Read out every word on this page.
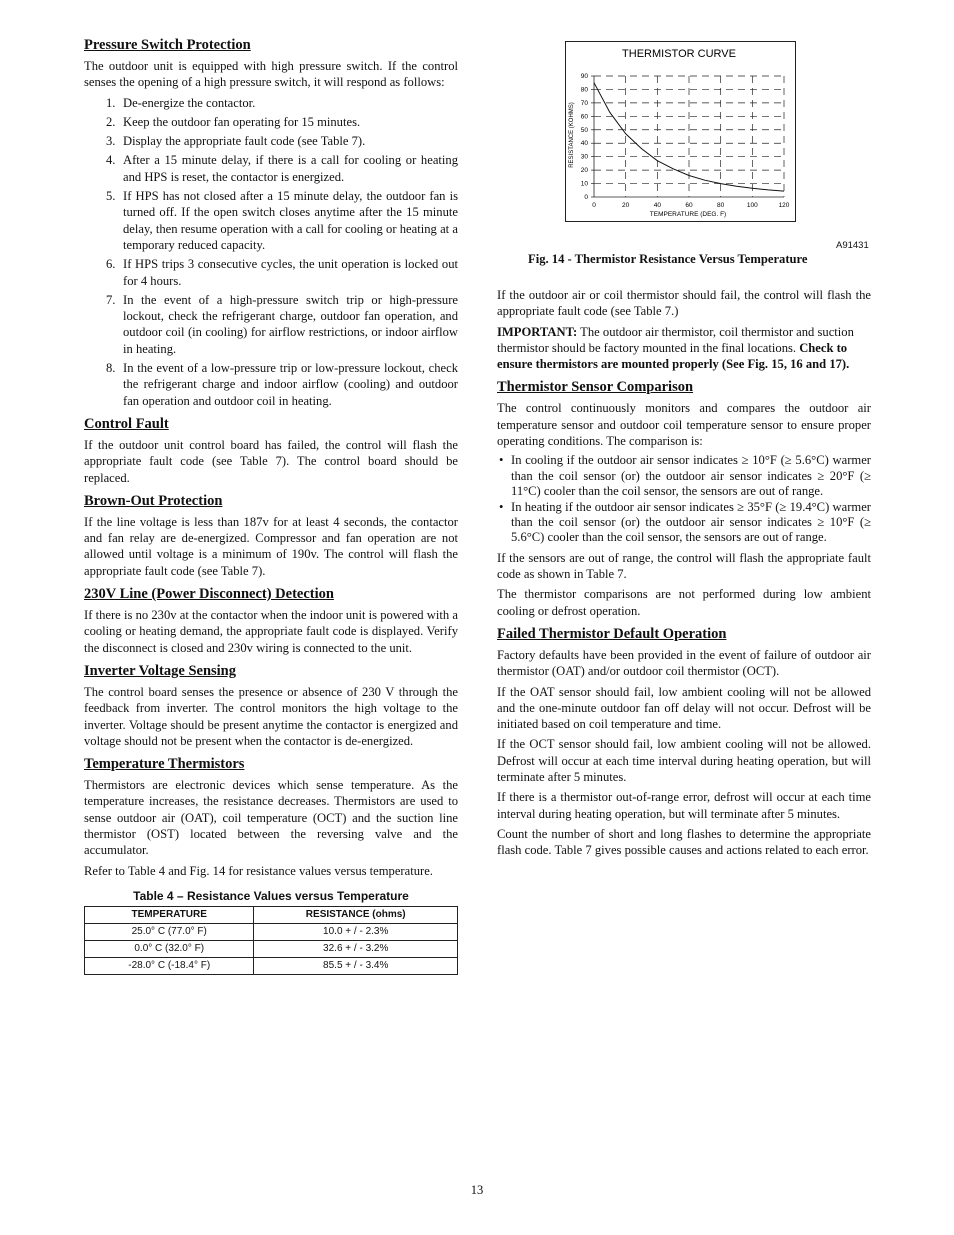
Pressure Switch Protection

The outdoor unit is equipped with high pressure switch. If the control senses the opening of a high pressure switch, it will respond as follows:

1. De-energize the contactor.
2. Keep the outdoor fan operating for 15 minutes.
3. Display the appropriate fault code (see Table 7).
4. After a 15 minute delay, if there is a call for cooling or heating and HPS is reset, the contactor is energized.
5. If HPS has not closed after a 15 minute delay, the outdoor fan is turned off. If the open switch closes anytime after the 15 minute delay, then resume operation with a call for cooling or heating at a temporary reduced capacity.
6. If HPS trips 3 consecutive cycles, the unit operation is locked out for 4 hours.
7. In the event of a high-pressure switch trip or high-pressure lockout, check the refrigerant charge, outdoor fan operation, and outdoor coil (in cooling) for airflow restrictions, or indoor airflow in heating.
8. In the event of a low-pressure trip or low-pressure lockout, check the refrigerant charge and indoor airflow (cooling) and outdoor fan operation and outdoor coil in heating.
Control Fault

If the outdoor unit control board has failed, the control will flash the appropriate fault code (see Table 7). The control board should be replaced.

Brown-Out Protection

If the line voltage is less than 187v for at least 4 seconds, the contactor and fan relay are de-energized. Compressor and fan operation are not allowed until voltage is a minimum of 190v. The control will flash the appropriate fault code (see Table 7).

230V Line (Power Disconnect) Detection

If there is no 230v at the contactor when the indoor unit is powered with a cooling or heating demand, the appropriate fault code is displayed. Verify the disconnect is closed and 230v wiring is connected to the unit.

Inverter Voltage Sensing

The control board senses the presence or absence of 230 V through the feedback from inverter. The control monitors the high voltage to the inverter. Voltage should be present anytime the contactor is energized and voltage should not be present when the contactor is de-energized.

Temperature Thermistors

Thermistors are electronic devices which sense temperature. As the temperature increases, the resistance decreases. Thermistors are used to sense outdoor air (OAT), coil temperature (OCT) and the suction line thermistor (OST) located between the reversing valve and the accumulator.

Refer to Table 4 and Fig. 14 for resistance values versus temperature.

Table 4 – Resistance Values versus Temperature
TEMPERATURE	RESISTANCE (ohms)
25.0° C (77.0° F)	10.0 + / - 2.3%
0.0° C (32.0° F)	32.6 + / - 3.2%
-28.0° C (-18.4° F)	85.5 + / - 3.4%
THERMISTOR CURVE
RESISTANCE (KOHMS)
TEMPERATURE (DEG. F)
0
10
20
30
40
50
60
70
80
90
0	20	40	60	80	100	120
A91431
Fig. 14 - Thermistor Resistance Versus Temperature

If the outdoor air or coil thermistor should fail, the control will flash the appropriate fault code (see Table 7.)

IMPORTANT: The outdoor air thermistor, coil thermistor and suction thermistor should be factory mounted in the final locations. Check to ensure thermistors are mounted properly (See Fig. 15, 16 and 17).

Thermistor Sensor Comparison

The control continuously monitors and compares the outdoor air temperature sensor and outdoor coil temperature sensor to ensure proper operating conditions. The comparison is:

• In cooling if the outdoor air sensor indicates ≥ 10°F (≥ 5.6°C) warmer than the coil sensor (or) the outdoor air sensor indicates ≥ 20°F (≥ 11°C) cooler than the coil sensor, the sensors are out of range.
• In heating if the outdoor air sensor indicates ≥ 35°F (≥ 19.4°C) warmer than the coil sensor (or) the outdoor air sensor indicates ≥ 10°F (≥ 5.6°C) cooler than the coil sensor, the sensors are out of range.

If the sensors are out of range, the control will flash the appropriate fault code as shown in Table 7.

The thermistor comparisons are not performed during low ambient cooling or defrost operation.

Failed Thermistor Default Operation

Factory defaults have been provided in the event of failure of outdoor air thermistor (OAT) and/or outdoor coil thermistor (OCT).

If the OAT sensor should fail, low ambient cooling will not be allowed and the one-minute outdoor fan off delay will not occur. Defrost will be initiated based on coil temperature and time.

If the OCT sensor should fail, low ambient cooling will not be allowed. Defrost will occur at each time interval during heating operation, but will terminate after 5 minutes.

If there is a thermistor out-of-range error, defrost will occur at each time interval during heating operation, but will terminate after 5 minutes.

Count the number of short and long flashes to determine the appropriate flash code. Table 7 gives possible causes and actions related to each error.

13
